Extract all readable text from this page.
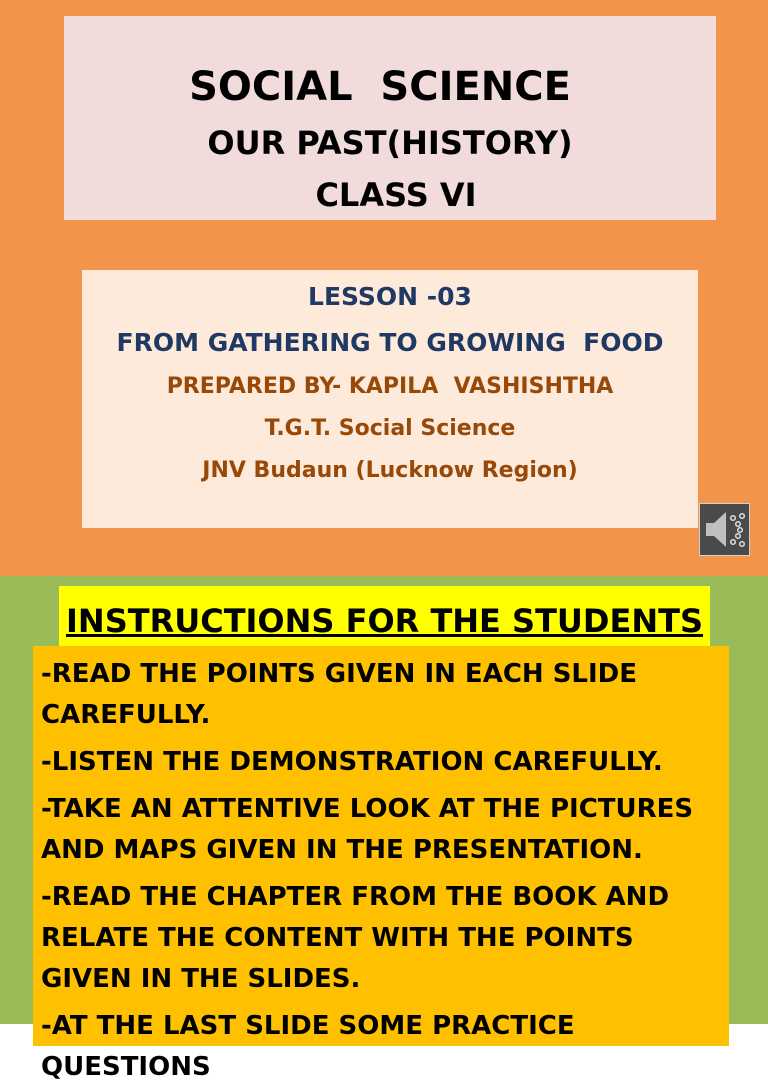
SOCIAL  SCIENCE
OUR PAST(HISTORY)
CLASS VI
LESSON -03
FROM GATHERING TO GROWING  FOOD
PREPARED BY- KAPILA  VASHISHTHA
T.G.T. Social Science
JNV Budaun (Lucknow Region)
INSTRUCTIONS FOR THE STUDENTS

-READ THE POINTS GIVEN IN EACH SLIDE CAREFULLY.

-LISTEN THE DEMONSTRATION CAREFULLY.

-TAKE AN ATTENTIVE LOOK AT THE PICTURES AND MAPS GIVEN IN THE PRESENTATION.

-READ THE CHAPTER FROM THE BOOK AND RELATE THE CONTENT WITH THE POINTS GIVEN IN THE SLIDES.

-AT THE LAST SLIDE SOME PRACTICE QUESTIONS
